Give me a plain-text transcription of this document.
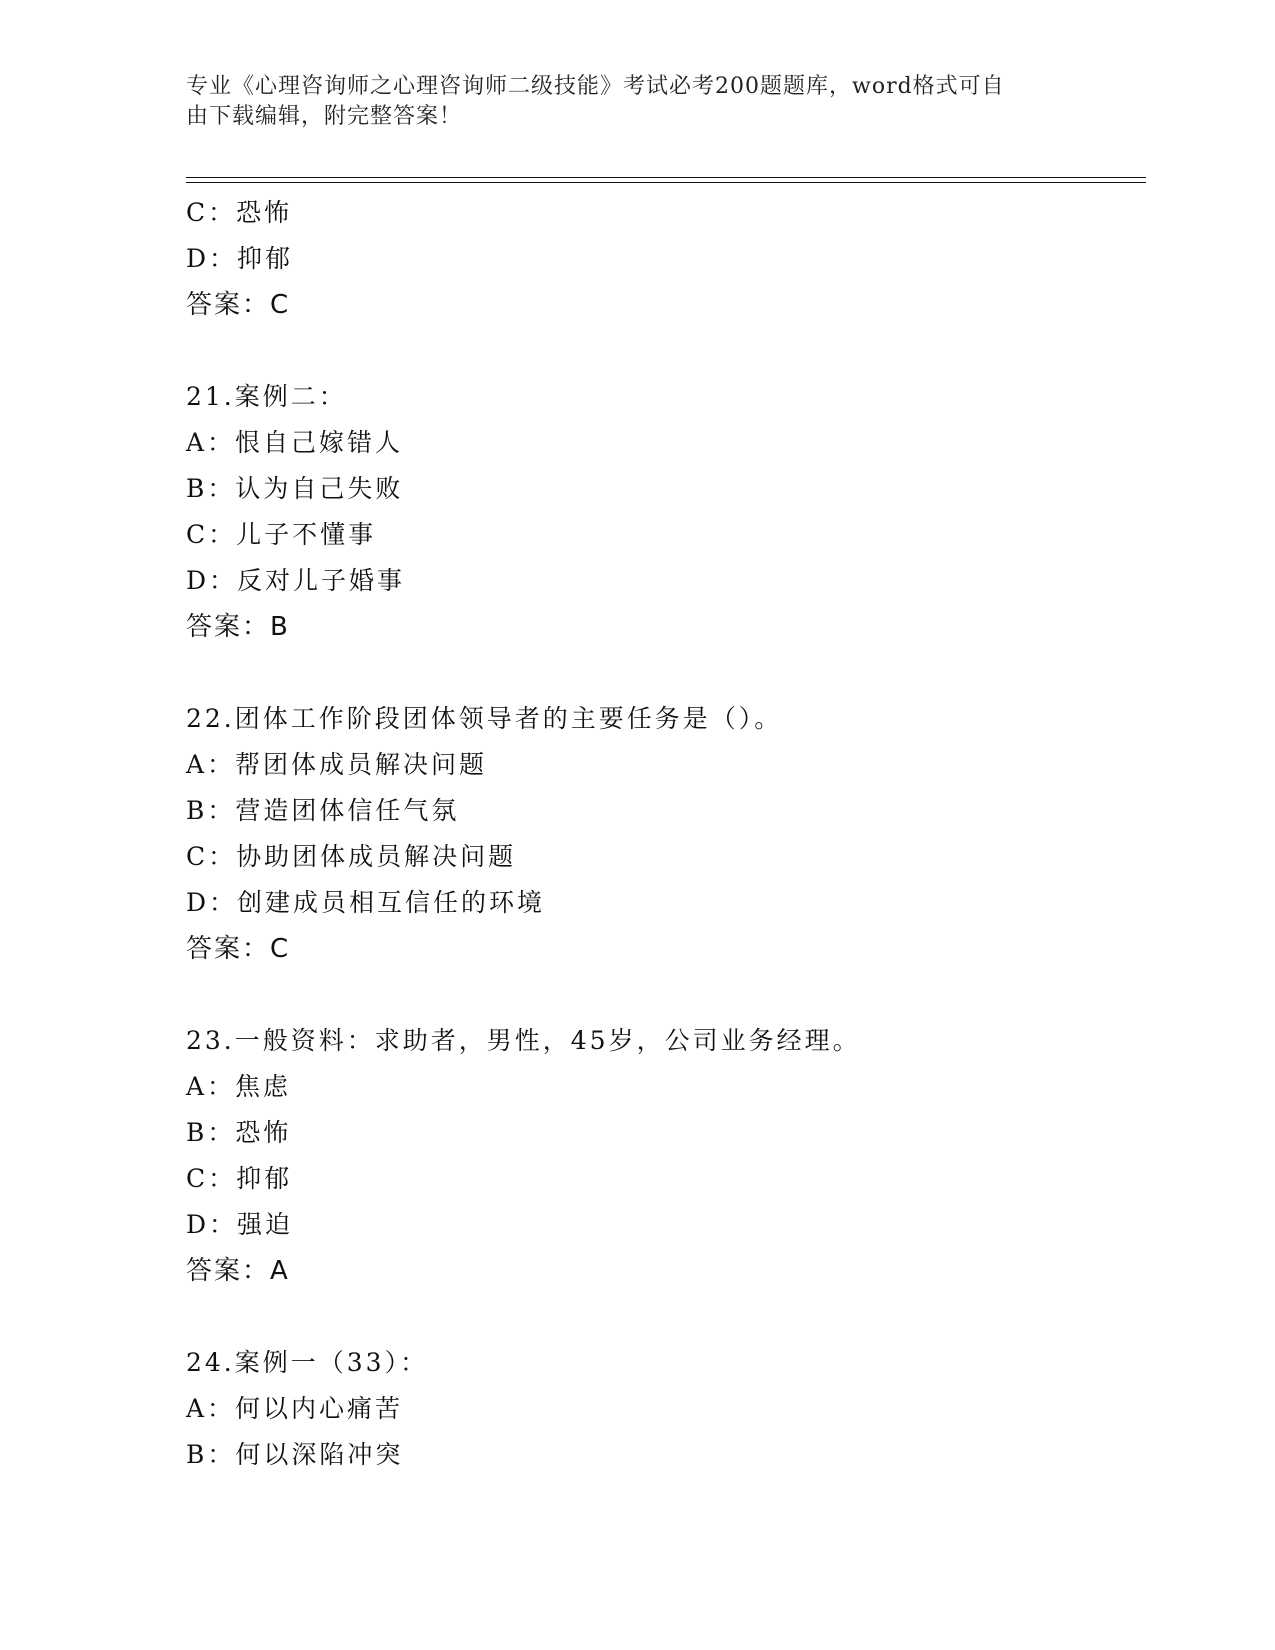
专业《心理咨询师之心理咨询师二级技能》考试必考200题题库，word格式可自
由下载编辑，附完整答案！
C：恐怖
D：抑郁
答案：C
21.案例二：
A：恨自己嫁错人
B：认为自己失败
C：儿子不懂事
D：反对儿子婚事
答案：B
22.团体工作阶段团体领导者的主要任务是（）。
A：帮团体成员解决问题
B：营造团体信任气氛
C：协助团体成员解决问题
D：创建成员相互信任的环境
答案：C
23.一般资料：求助者，男性，45岁，公司业务经理。
A：焦虑
B：恐怖
C：抑郁
D：强迫
答案：A
24.案例一（33）：
A：何以内心痛苦
B：何以深陷冲突
